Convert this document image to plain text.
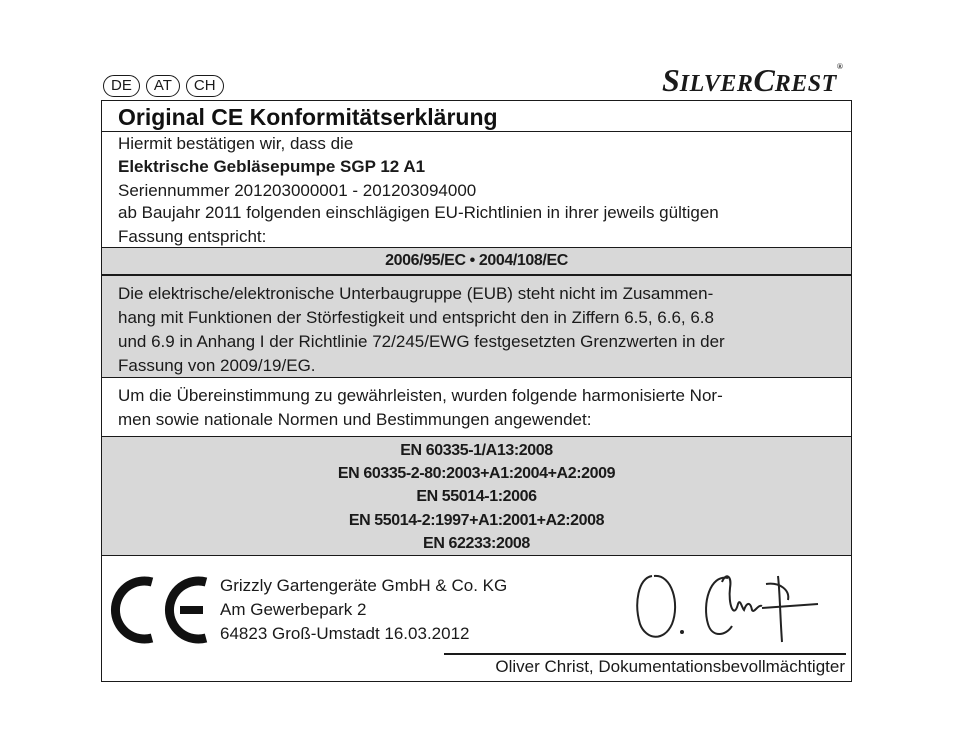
DE	AT	CH	SILVERCREST®
Original CE Konformitätserklärung
Hiermit bestätigen wir, dass die
Elektrische Gebläsepumpe SGP 12 A1
Seriennummer 201203000001 - 201203094000
ab Baujahr 2011 folgenden einschlägigen EU-Richtlinien in ihrer jeweils gültigen
Fassung entspricht:
2006/95/EC • 2004/108/EC
Die elektrische/elektronische Unterbaugruppe (EUB) steht nicht im Zusammen-
hang mit Funktionen der Störfestigkeit und entspricht den in Ziffern 6.5, 6.6, 6.8
und 6.9 in Anhang I der Richtlinie 72/245/EWG festgesetzten Grenzwerten in der
Fassung von 2009/19/EG.
Um die Übereinstimmung zu gewährleisten, wurden folgende harmonisierte Nor-
men sowie nationale Normen und Bestimmungen angewendet:
EN 60335-1/A13:2008
EN 60335-2-80:2003+A1:2004+A2:2009
EN 55014-1:2006
EN 55014-2:1997+A1:2001+A2:2008
EN 62233:2008
Grizzly Gartengeräte GmbH & Co. KG
Am Gewerbepark 2
64823 Groß-Umstadt 16.03.2012
Oliver Christ, Dokumentationsbevollmächtigter
